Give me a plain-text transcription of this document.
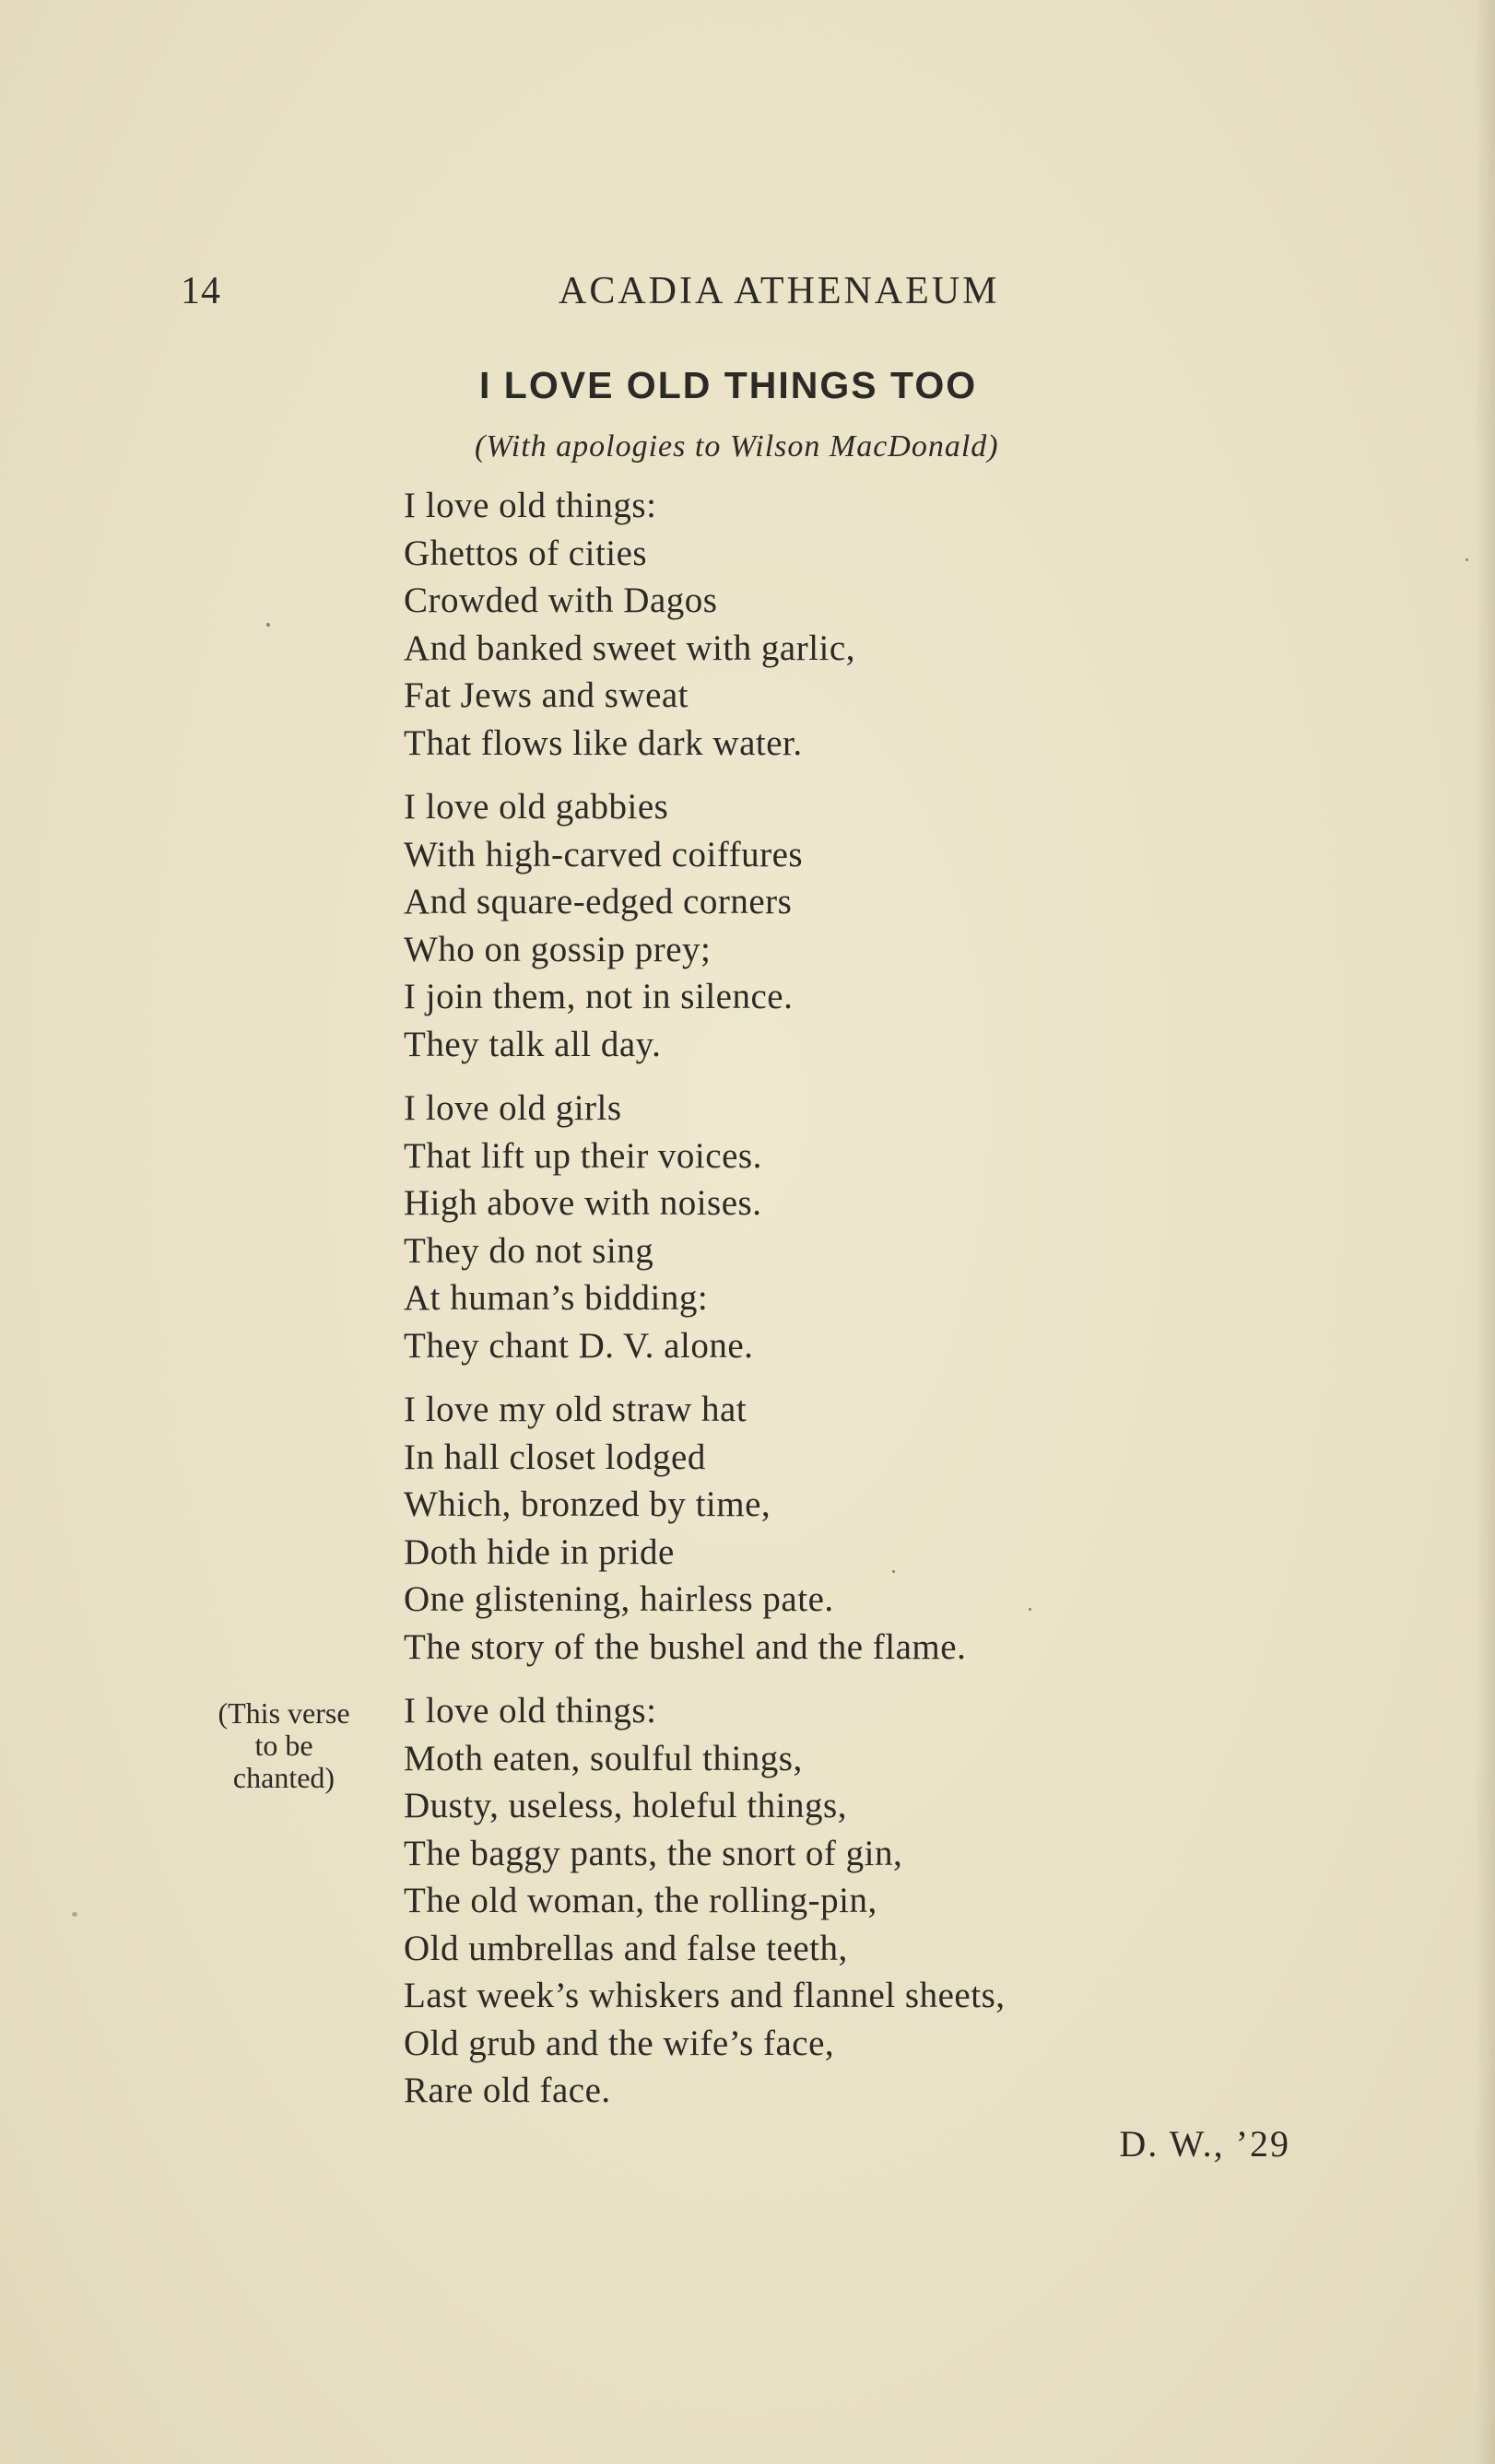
14	ACADIA ATHENAEUM
I LOVE OLD THINGS TOO
(With apologies to Wilson MacDonald)
I love old things:
Ghettos of cities
Crowded with Dagos
And banked sweet with garlic,
Fat Jews and sweat
That flows like dark water.
I love old gabbies
With high-carved coiffures
And square-edged corners
Who on gossip prey;
I join them, not in silence.
They talk all day.
I love old girls
That lift up their voices.
High above with noises.
They do not sing
At human’s bidding:
They chant D. V. alone.
I love my old straw hat
In hall closet lodged
Which, bronzed by time,
Doth hide in pride
One glistening, hairless pate.
The story of the bushel and the flame.
I love old things:
Moth eaten, soulful things,
Dusty, useless, holeful things,
The baggy pants, the snort of gin,
The old woman, the rolling-pin,
Old umbrellas and false teeth,
Last week’s whiskers and flannel sheets,
Old grub and the wife’s face,
Rare old face.
(This verse
to be
chanted)
D. W., ’29
